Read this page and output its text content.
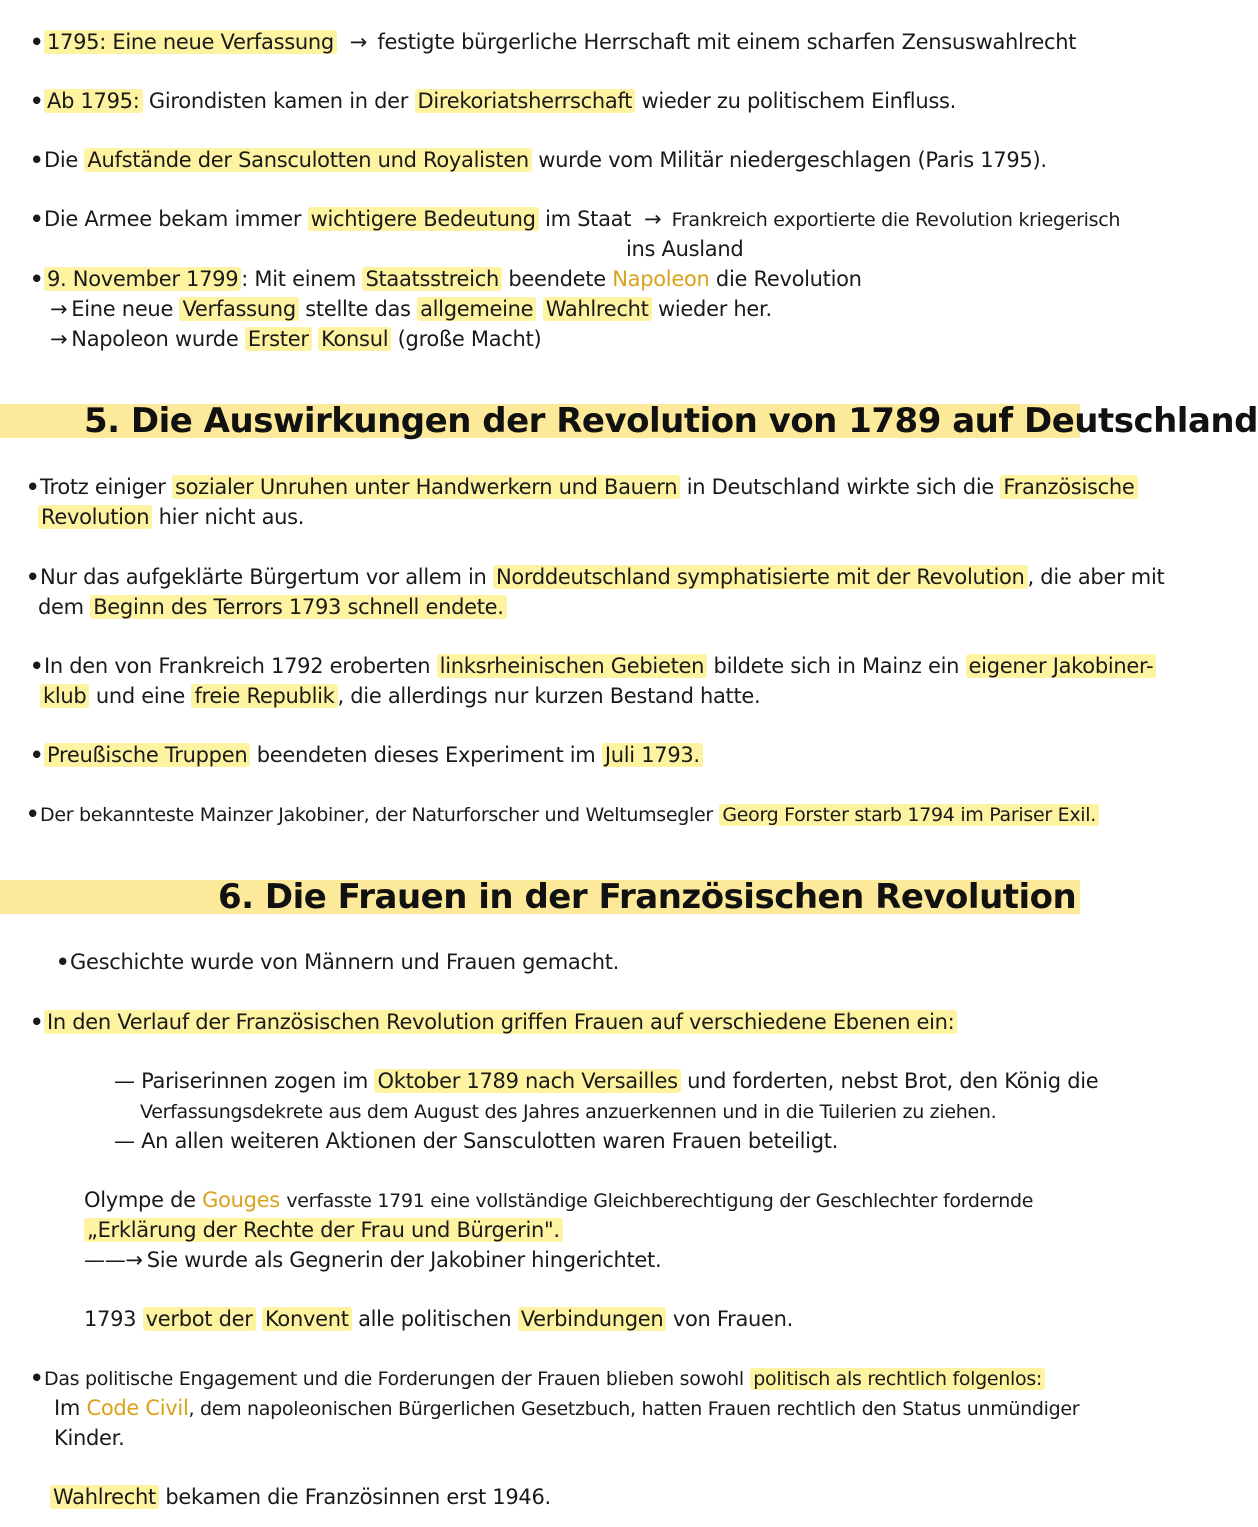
• 1795: Eine neue Verfassung  → festigte bürgerliche Herrschaft mit einem scharfen Zensuswahlrecht
• Ab 1795: Girondisten kamen in der Direkoriatsherrschaft wieder zu politischem Einfluss.
•Die Aufstände der Sansculotten und Royalisten wurde vom Militär niedergeschlagen (Paris 1795).
•Die Armee bekam immer wichtigere Bedeutung im Staat  → Frankreich exportierte die Revolution kriegerisch
ins Ausland
• 9. November 1799 : Mit einem Staatsstreich beendete Napoleon die Revolution
→ Eine neue Verfassung stellte das allgemeine Wahlrecht wieder her.
→ Napoleon wurde Erster Konsul (große Macht)
5. Die Auswirkungen der Revolution von 1789 auf Deutschland
•Trotz einiger sozialer Unruhen unter Handwerkern und Bauern in Deutschland wirkte sich die Französische
Revolution hier nicht aus.
•Nur das aufgeklärte Bürgertum vor allem in Norddeutschland symphatisierte mit der Revolution , die aber mit
dem Beginn des Terrors 1793 schnell endete.
•In den von Frankreich 1792 eroberten linksrheinischen Gebieten bildete sich in Mainz ein eigener Jakobiner-
klub und eine freie Republik , die allerdings nur kurzen Bestand hatte.
• Preußische Truppen beendeten dieses Experiment im Juli 1793.
•Der bekannteste Mainzer Jakobiner, der Naturforscher und Weltumsegler Georg Forster starb 1794 im Pariser Exil.
6. Die Frauen in der Französischen Revolution
•Geschichte wurde von Männern und Frauen gemacht.
• In den Verlauf der Französischen Revolution griffen Frauen auf verschiedene Ebenen ein:
— Pariserinnen zogen im Oktober 1789 nach Versailles und forderten, nebst Brot, den König die
Verfassungsdekrete aus dem August des Jahres anzuerkennen und in die Tuilerien zu ziehen.
— An allen weiteren Aktionen der Sansculotten waren Frauen beteiligt.
Olympe de Gouges verfasste 1791 eine vollständige Gleichberechtigung der Geschlechter fordernde
„Erklärung der Rechte der Frau und Bürgerin".
——→Sie wurde als Gegnerin der Jakobiner hingerichtet.
1793 verbot der Konvent alle politischen Verbindungen von Frauen.
•Das politische Engagement und die Forderungen der Frauen blieben sowohl politisch als rechtlich folgenlos:
Im Code Civil, dem napoleonischen Bürgerlichen Gesetzbuch, hatten Frauen rechtlich den Status unmündiger
Kinder.
Wahlrecht bekamen die Französinnen erst 1946.
